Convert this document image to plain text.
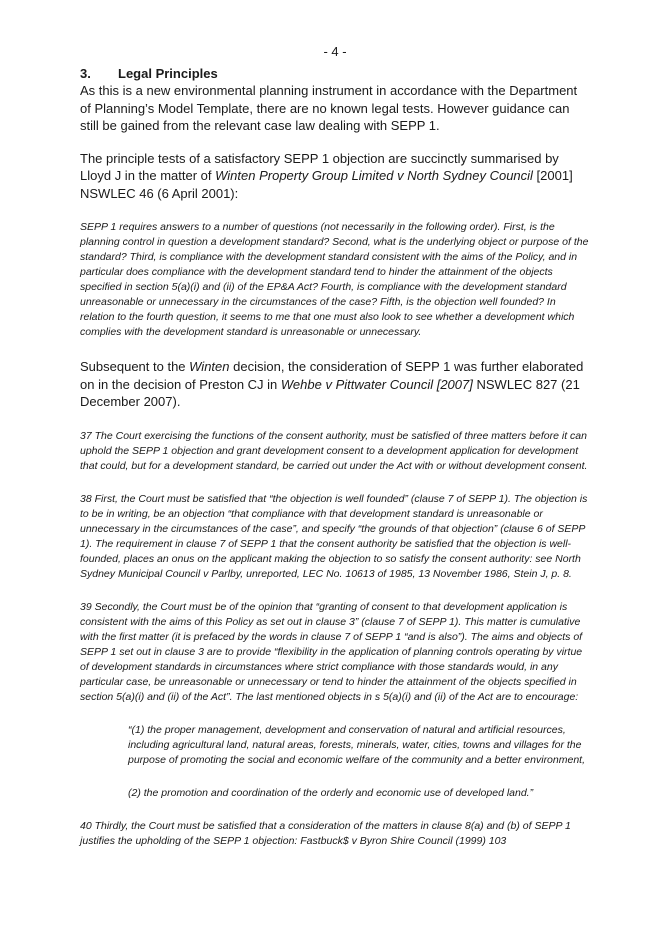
- 4 -
3. Legal Principles

As this is a new environmental planning instrument in accordance with the Department of Planning’s Model Template, there are no known legal tests. However guidance can still be gained from the relevant case law dealing with SEPP 1.

The principle tests of a satisfactory SEPP 1 objection are succinctly summarised by Lloyd J in the matter of Winten Property Group Limited v North Sydney Council [2001] NSWLEC 46 (6 April 2001):

SEPP 1 requires answers to a number of questions (not necessarily in the following order). First, is the planning control in question a development standard? Second, what is the underlying object or purpose of the standard? Third, is compliance with the development standard consistent with the aims of the Policy, and in particular does compliance with the development standard tend to hinder the attainment of the objects specified in section 5(a)(i) and (ii) of the EP&A Act? Fourth, is compliance with the development standard unreasonable or unnecessary in the circumstances of the case? Fifth, is the objection well founded? In relation to the fourth question, it seems to me that one must also look to see whether a development which complies with the development standard is unreasonable or unnecessary.

Subsequent to the Winten decision, the consideration of SEPP 1 was further elaborated on in the decision of Preston CJ in Wehbe v Pittwater Council [2007] NSWLEC 827 (21 December 2007).

37 The Court exercising the functions of the consent authority, must be satisfied of three matters before it can uphold the SEPP 1 objection and grant development consent to a development application for development that could, but for a development standard, be carried out under the Act with or without development consent.

38 First, the Court must be satisfied that “the objection is well founded” (clause 7 of SEPP 1). The objection is to be in writing, be an objection “that compliance with that development standard is unreasonable or unnecessary in the circumstances of the case”, and specify “the grounds of that objection” (clause 6 of SEPP 1). The requirement in clause 7 of SEPP 1 that the consent authority be satisfied that the objection is well-founded, places an onus on the applicant making the objection to so satisfy the consent authority: see North Sydney Municipal Council v Parlby, unreported, LEC No. 10613 of 1985, 13 November 1986, Stein J, p. 8.

39 Secondly, the Court must be of the opinion that “granting of consent to that development application is consistent with the aims of this Policy as set out in clause 3” (clause 7 of SEPP 1). This matter is cumulative with the first matter (it is prefaced by the words in clause 7 of SEPP 1 “and is also”). The aims and objects of SEPP 1 set out in clause 3 are to provide “flexibility in the application of planning controls operating by virtue of development standards in circumstances where strict compliance with those standards would, in any particular case, be unreasonable or unnecessary or tend to hinder the attainment of the objects specified in section 5(a)(i) and (ii) of the Act”. The last mentioned objects in s 5(a)(i) and (ii) of the Act are to encourage:

“(1) the proper management, development and conservation of natural and artificial resources, including agricultural land, natural areas, forests, minerals, water, cities, towns and villages for the purpose of promoting the social and economic welfare of the community and a better environment,

(2) the promotion and coordination of the orderly and economic use of developed land.”

40 Thirdly, the Court must be satisfied that a consideration of the matters in clause 8(a) and (b) of SEPP 1 justifies the upholding of the SEPP 1 objection: Fastbuck$ v Byron Shire Council (1999) 103
